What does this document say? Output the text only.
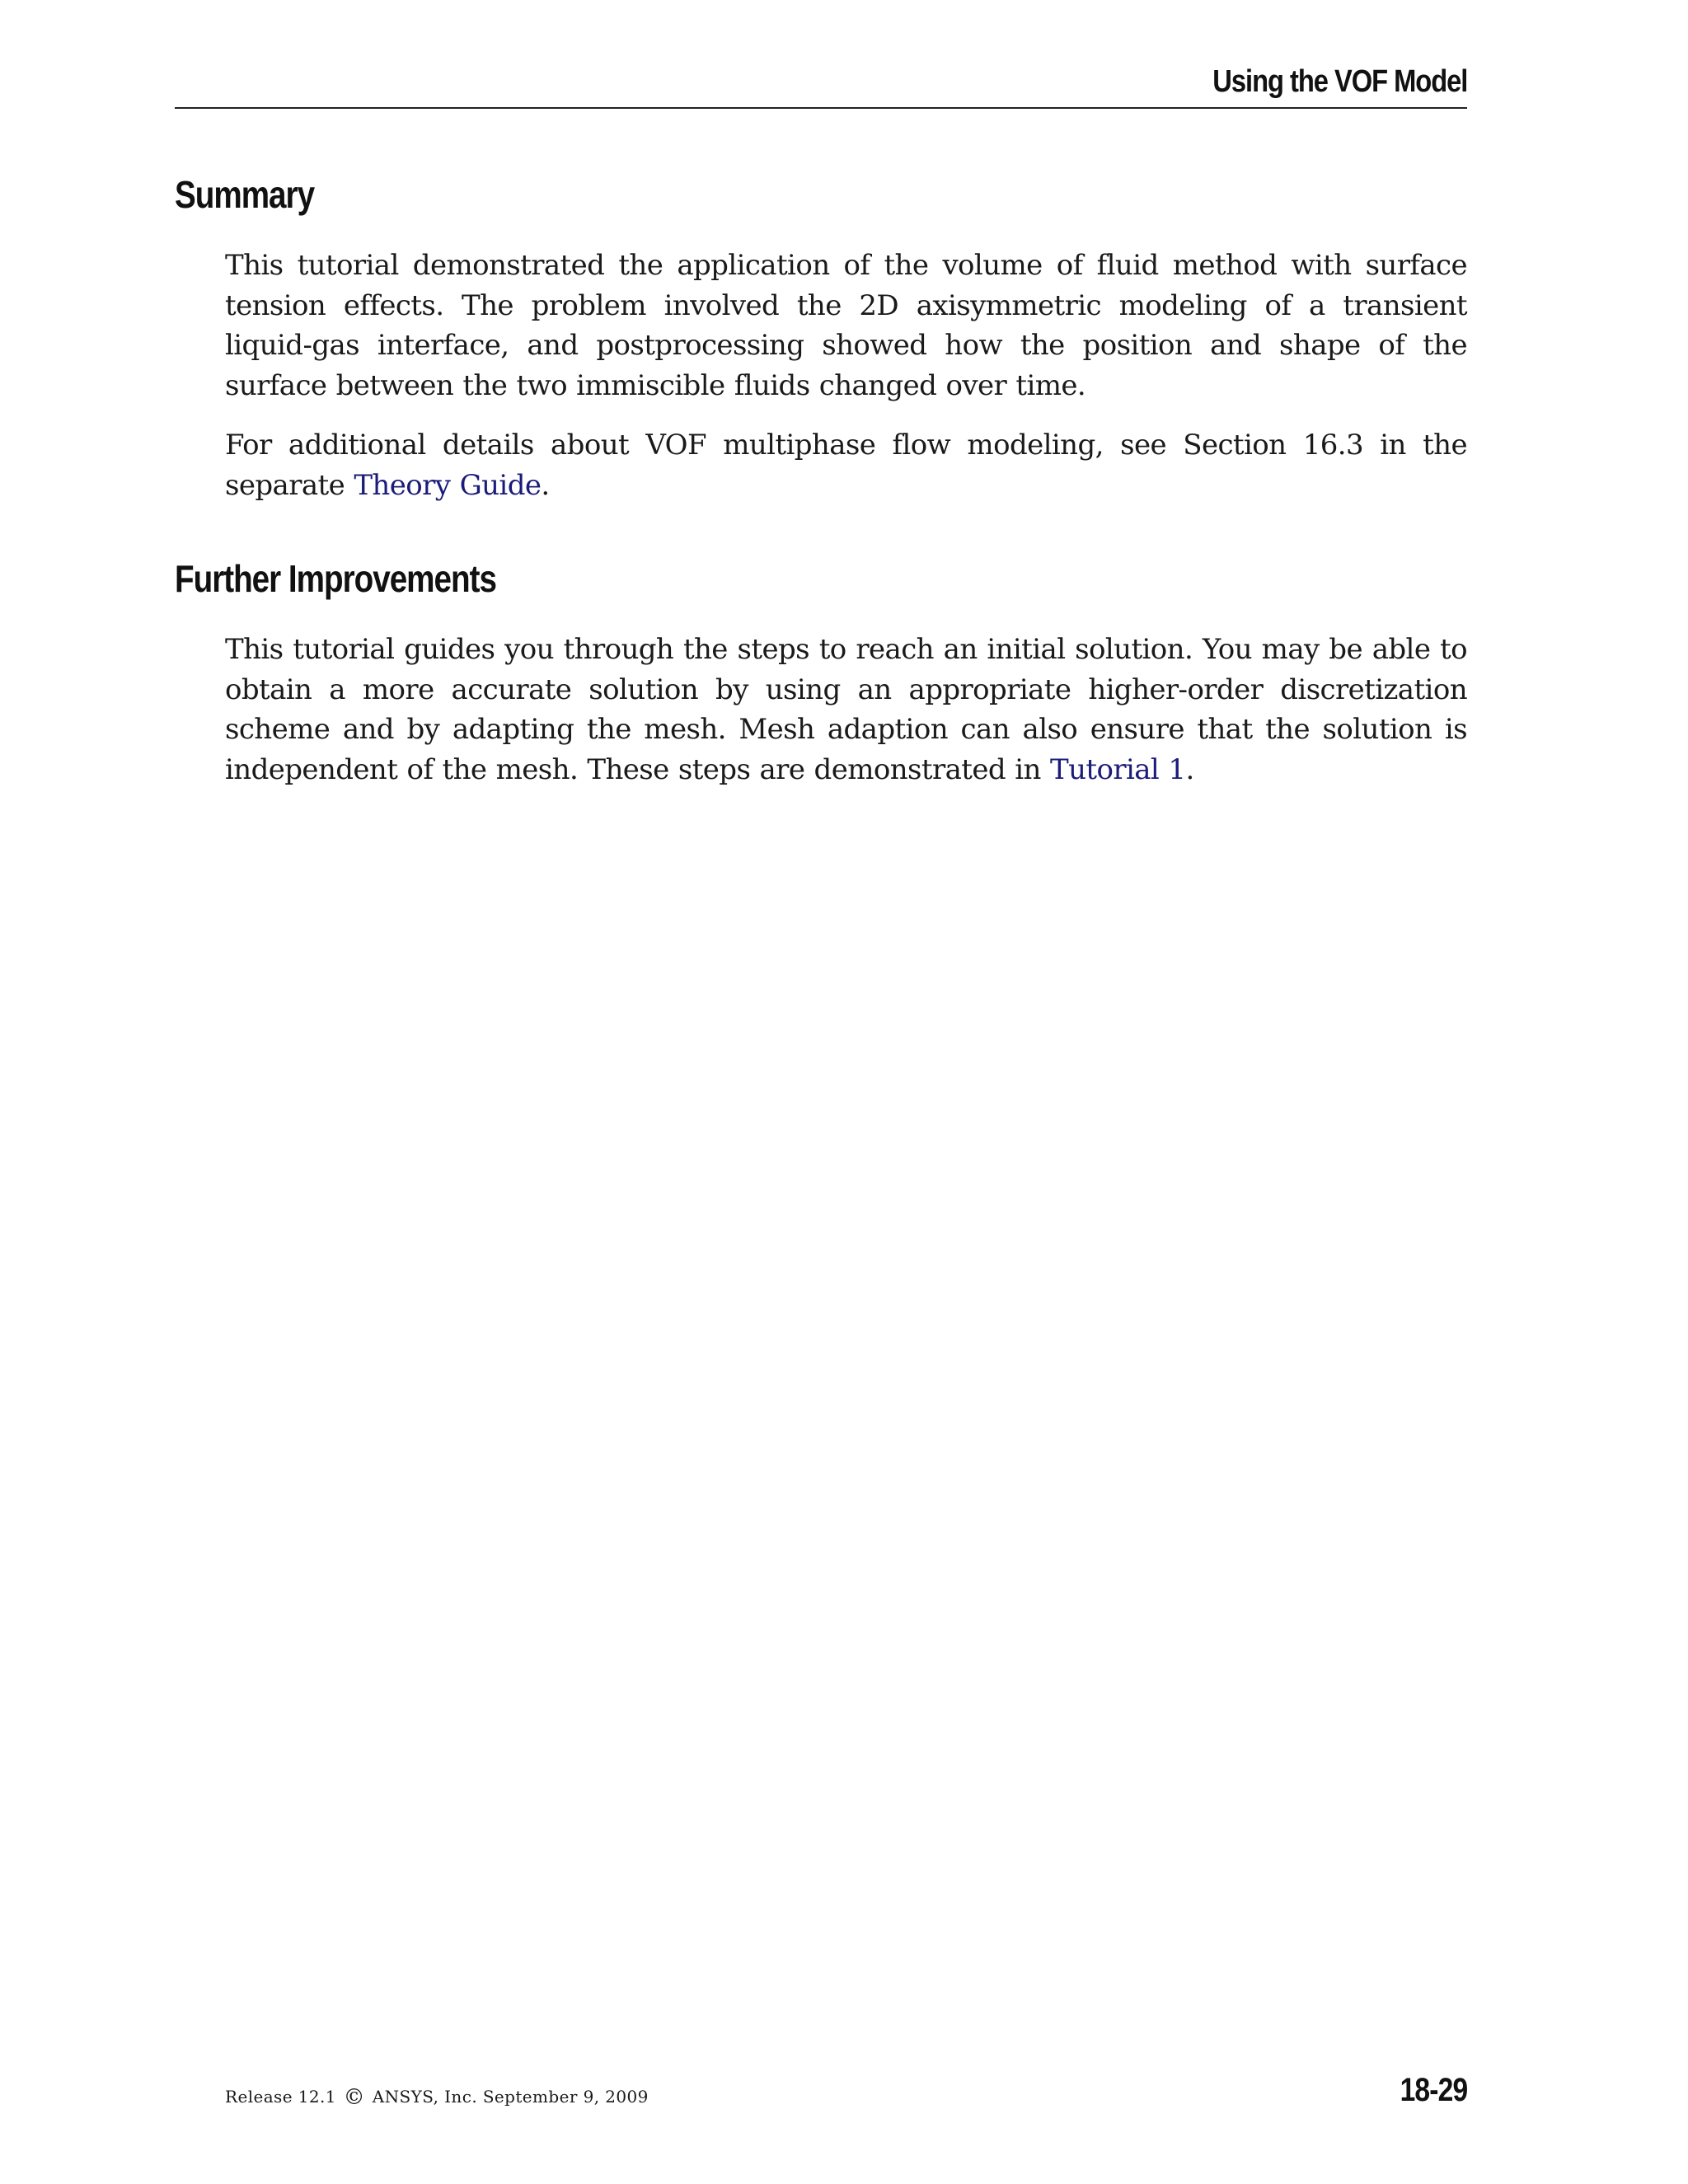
Using the VOF Model
Summary

This tutorial demonstrated the application of the volume of fluid method with surface tension effects. The problem involved the 2D axisymmetric modeling of a transient liquid-gas interface, and postprocessing showed how the position and shape of the surface between the two immiscible fluids changed over time.

For additional details about VOF multiphase flow modeling, see Section 16.3 in the separate Theory Guide.

Further Improvements

This tutorial guides you through the steps to reach an initial solution. You may be able to obtain a more accurate solution by using an appropriate higher-order discretization scheme and by adapting the mesh. Mesh adaption can also ensure that the solution is independent of the mesh. These steps are demonstrated in Tutorial 1.

Release 12.1 © ANSYS, Inc. September 9, 2009	18-29
